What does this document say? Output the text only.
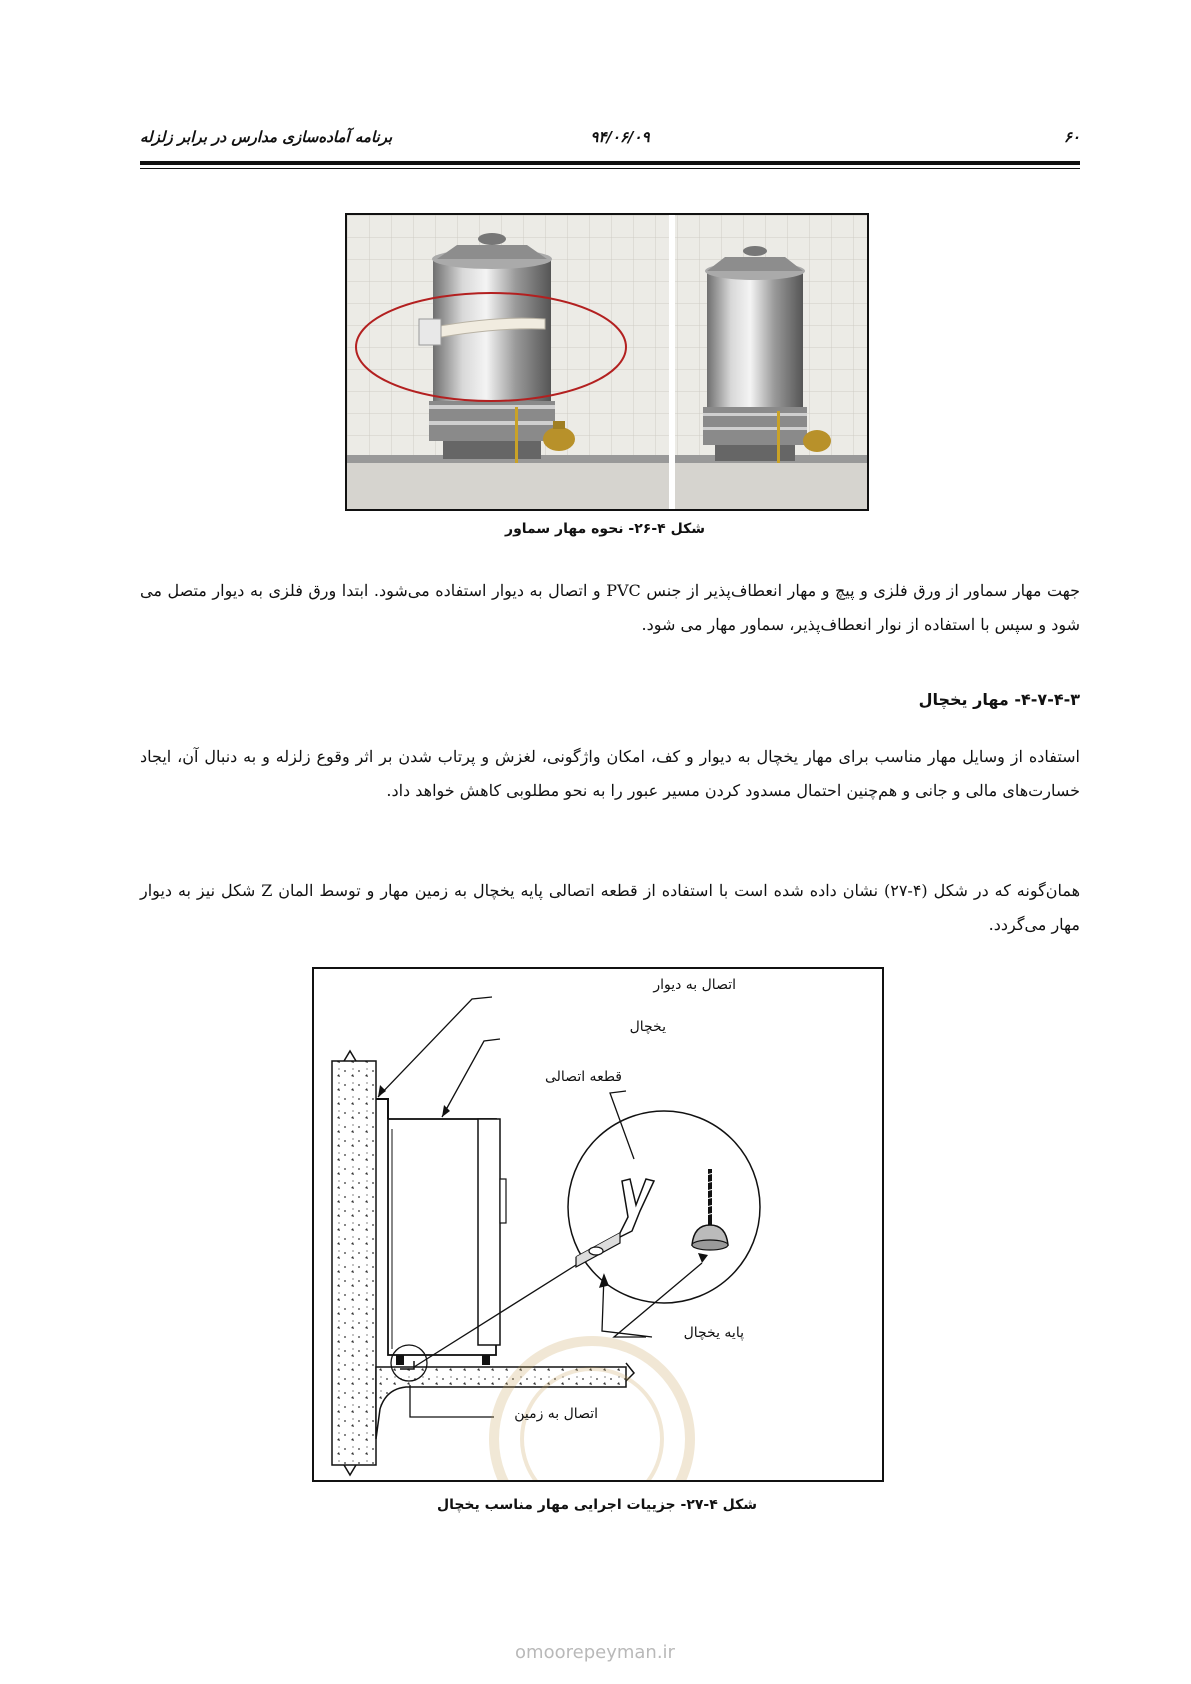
برنامه آماده‌سازی مدارس در برابر زلزله	۹۴/۰۶/۰۹	۶۰
شکل ۴-۲۶- نحوه مهار سماور
جهت مهار سماور از ورق فلزی و پیچ و مهار انعطاف‌پذیر از جنس PVC و اتصال به دیوار استفاده می‌شود. ابتدا ورق فلزی به دیوار متصل می شود و سپس با استفاده از نوار انعطاف‌پذیر، سماور مهار می شود.
۴-۷-۴-۳- مهار یخچال
استفاده از وسایل مهار مناسب برای مهار یخچال به دیوار و کف، امکان واژگونی، لغزش و پرتاب شدن بر اثر وقوع زلزله و به دنبال آن، ایجاد خسارت‌های مالی و جانی و هم‌چنین احتمال مسدود کردن مسیر عبور را به نحو مطلوبی کاهش خواهد داد.
همان‌گونه که در شکل (۴-۲۷) نشان داده شده است با استفاده از قطعه اتصالی پایه یخچال به زمین مهار و توسط المان Z شکل نیز به دیوار مهار می‌گردد.
اتصال به دیوار
یخچال
قطعه اتصالی
پایه یخچال
اتصال به زمین
شکل ۴-۲۷- جزییات اجرایی مهار مناسب یخچال
omoorepeyman.ir
